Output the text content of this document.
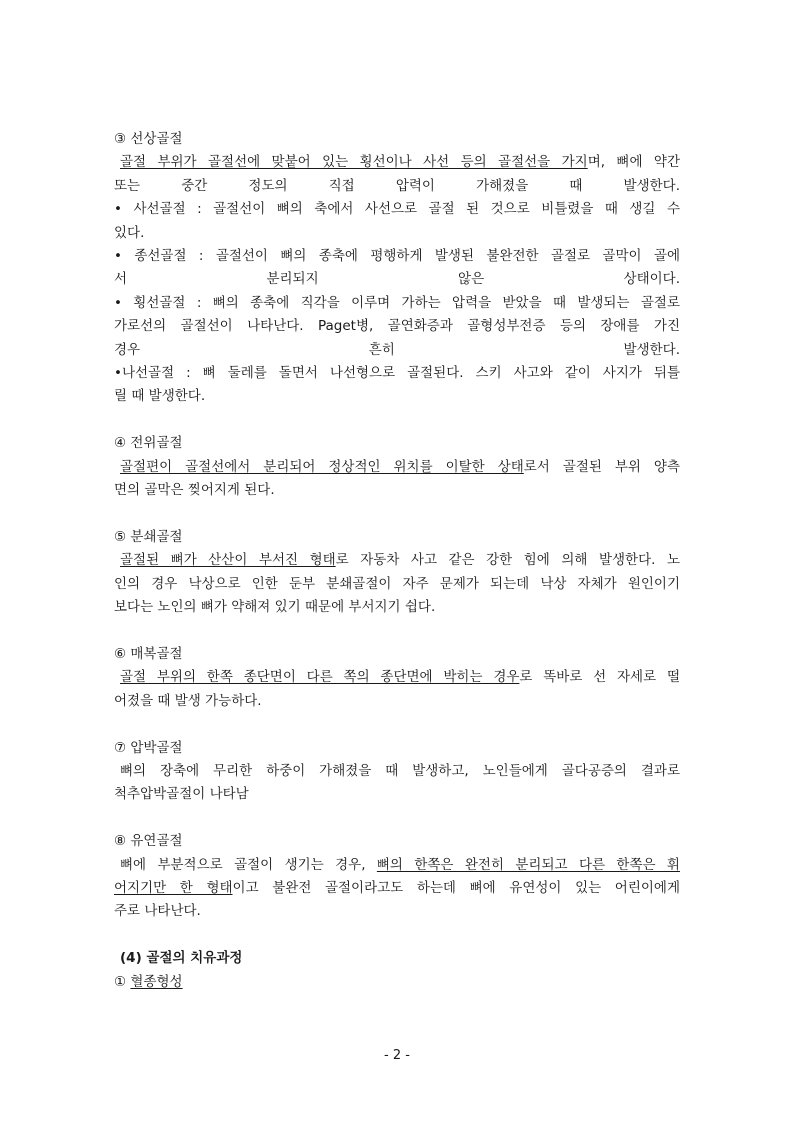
③ 선상골절
골절 부위가 골절선에 맞붙어 있는 횡선이나 사선 등의 골절선을 가지며, 뼈에 약간
또는 중간 정도의 직접 압력이 가해졌을 때 발생한다.
• 사선골절 : 골절선이 뼈의 축에서 사선으로 골절 된 것으로 비틀렸을 때 생길 수
있다.
• 종선골절 : 골절선이 뼈의 종축에 평행하게 발생된 불완전한 골절로 골막이 골에
서 분리되지 않은 상태이다.
• 횡선골절 : 뼈의 종축에 직각을 이루며 가하는 압력을 받았을 때 발생되는 골절로
가로선의 골절선이 나타난다. Paget병, 골연화증과 골형성부전증 등의 장애를 가진
경우 흔히 발생한다.
•나선골절 : 뼈 둘레를 돌면서 나선형으로 골절된다. 스키 사고와 같이 사지가 뒤틀
릴 때 발생한다.
④ 전위골절
골절편이 골절선에서 분리되어 정상적인 위치를 이탈한 상태로서 골절된 부위 양측
면의 골막은 찢어지게 된다.
⑤ 분쇄골절
골절된 뼈가 산산이 부서진 형태로 자동차 사고 같은 강한 힘에 의해 발생한다. 노
인의 경우 낙상으로 인한 둔부 분쇄골절이 자주 문제가 되는데 낙상 자체가 원인이기
보다는 노인의 뼈가 약해져 있기 때문에 부서지기 쉽다.
⑥ 매복골절
골절 부위의 한쪽 종단면이 다른 쪽의 종단면에 박히는 경우로 똑바로 선 자세로 떨
어졌을 때 발생 가능하다.
⑦ 압박골절
뼈의 장축에 무리한 하중이 가해졌을 때 발생하고, 노인들에게 골다공증의 결과로
척추압박골절이 나타남
⑧ 유연골절
뼈에 부분적으로 골절이 생기는 경우, 뼈의 한쪽은 완전히 분리되고 다른 한쪽은 휘
어지기만 한 형태이고 불완전 골절이라고도 하는데 뼈에 유연성이 있는 어린이에게
주로 나타난다.
(4) 골절의 치유과정
① 혈종형성
- 2 -
